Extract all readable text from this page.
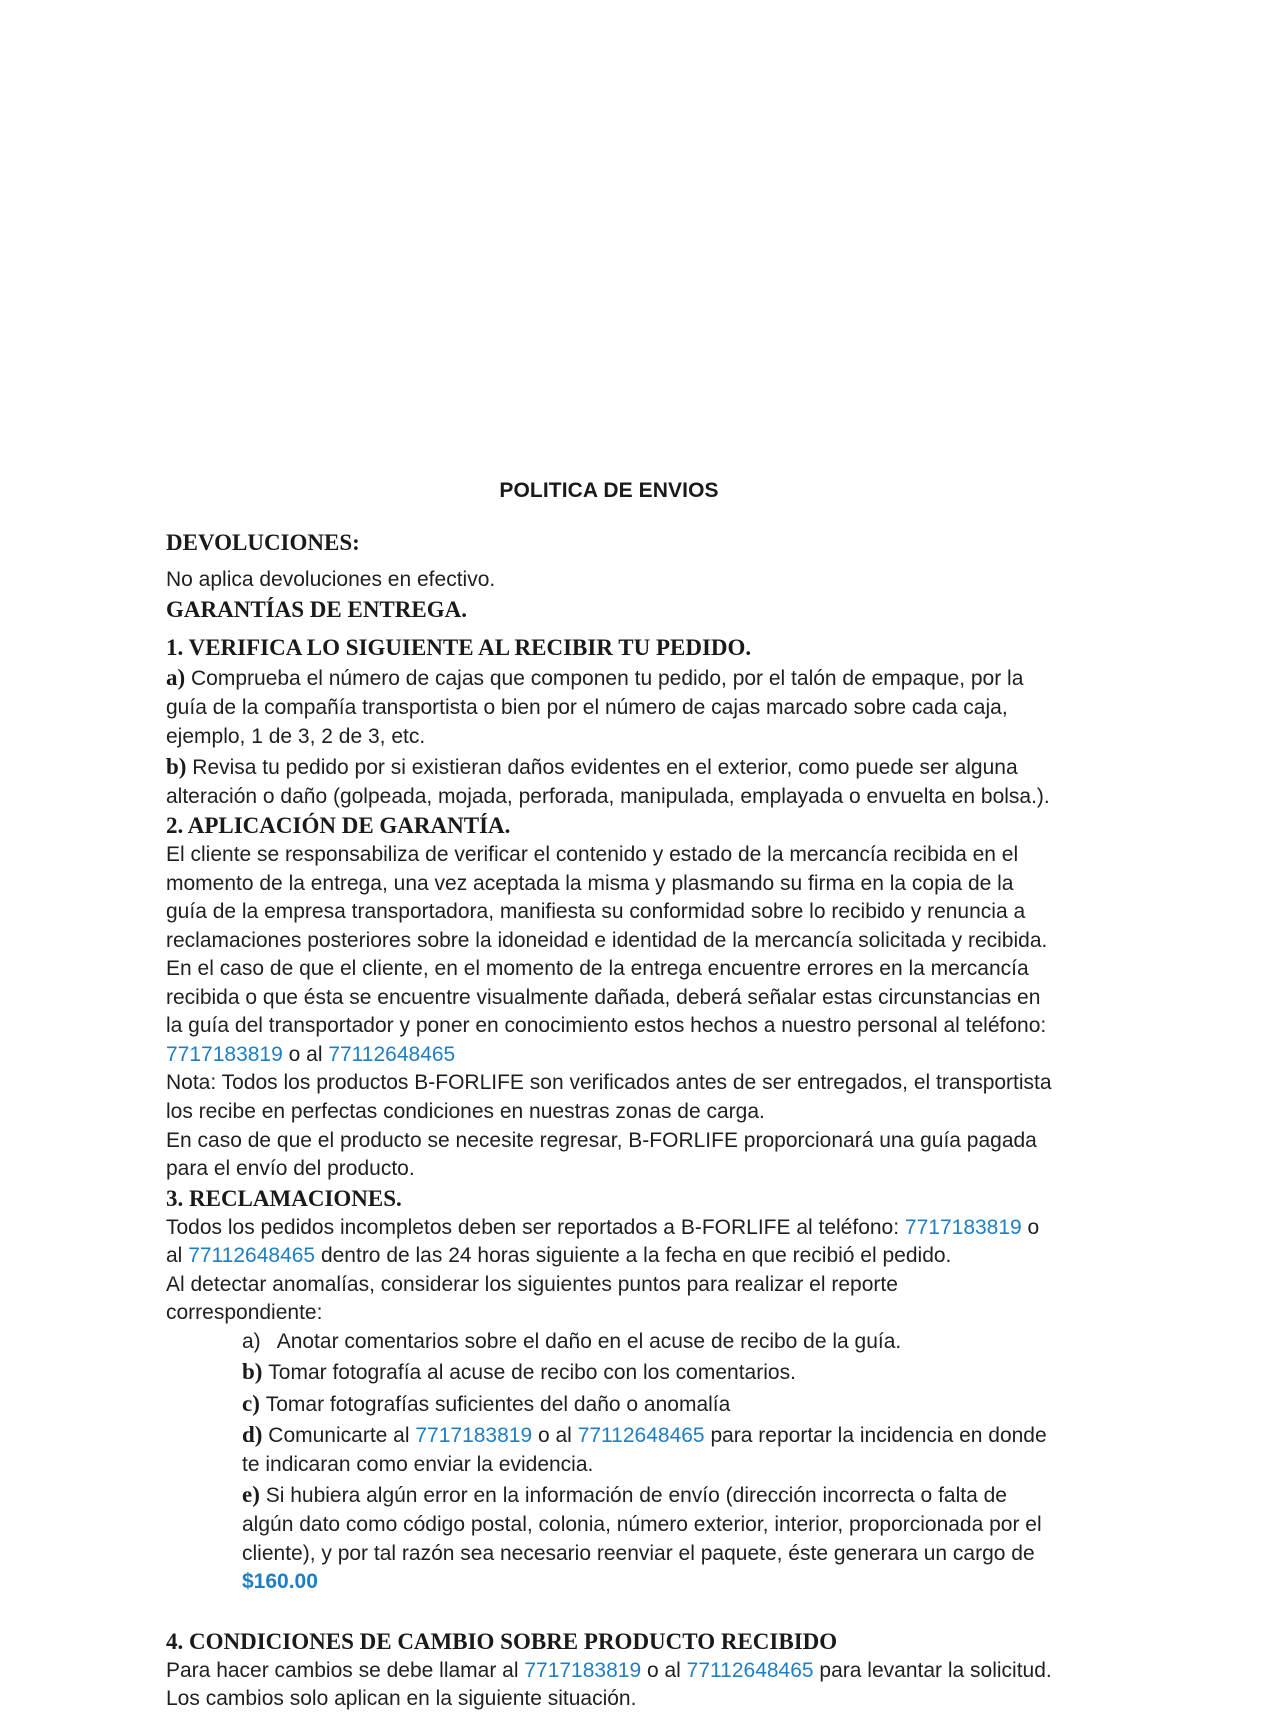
POLITICA DE ENVIOS

DEVOLUCIONES:

No aplica devoluciones en efectivo.

GARANTÍAS DE ENTREGA.

1. VERIFICA LO SIGUIENTE AL RECIBIR TU PEDIDO.

a) Comprueba el número de cajas que componen tu pedido, por el talón de empaque, por la guía de la compañía transportista o bien por el número de cajas marcado sobre cada caja, ejemplo, 1 de 3, 2 de 3, etc.

b) Revisa tu pedido por si existieran daños evidentes en el exterior, como puede ser alguna alteración o daño (golpeada, mojada, perforada, manipulada, emplayada o envuelta en bolsa.).

2. APLICACIÓN DE GARANTÍA.

El cliente se responsabiliza de verificar el contenido y estado de la mercancía recibida en el momento de la entrega, una vez aceptada la misma y plasmando su firma en la copia de la guía de la empresa transportadora, manifiesta su conformidad sobre lo recibido y renuncia a reclamaciones posteriores sobre la idoneidad e identidad de la mercancía solicitada y recibida. En el caso de que el cliente, en el momento de la entrega encuentre errores en la mercancía recibida o que ésta se encuentre visualmente dañada, deberá señalar estas circunstancias en la guía del transportador y poner en conocimiento estos hechos a nuestro personal al teléfono: 7717183819 o al 77112648465

Nota: Todos los productos B-FORLIFE son verificados antes de ser entregados, el transportista los recibe en perfectas condiciones en nuestras zonas de carga.

En caso de que el producto se necesite regresar, B-FORLIFE proporcionará una guía pagada para el envío del producto.

3. RECLAMACIONES.

Todos los pedidos incompletos deben ser reportados a B-FORLIFE al teléfono: 7717183819 o al 77112648465 dentro de las 24 horas siguiente a la fecha en que recibió el pedido.

Al detectar anomalías, considerar los siguientes puntos para realizar el reporte correspondiente:

a) Anotar comentarios sobre el daño en el acuse de recibo de la guía.

b) Tomar fotografía al acuse de recibo con los comentarios.

c) Tomar fotografías suficientes del daño o anomalía

d) Comunicarte al 7717183819 o al 77112648465 para reportar la incidencia en donde te indicaran como enviar la evidencia.

e) Si hubiera algún error en la información de envío (dirección incorrecta o falta de algún dato como código postal, colonia, número exterior, interior, proporcionada por el cliente), y por tal razón sea necesario reenviar el paquete, éste generara un cargo de $160.00

4. CONDICIONES DE CAMBIO SOBRE PRODUCTO RECIBIDO

Para hacer cambios se debe llamar al 7717183819 o al 77112648465 para levantar la solicitud. Los cambios solo aplican en la siguiente situación.
